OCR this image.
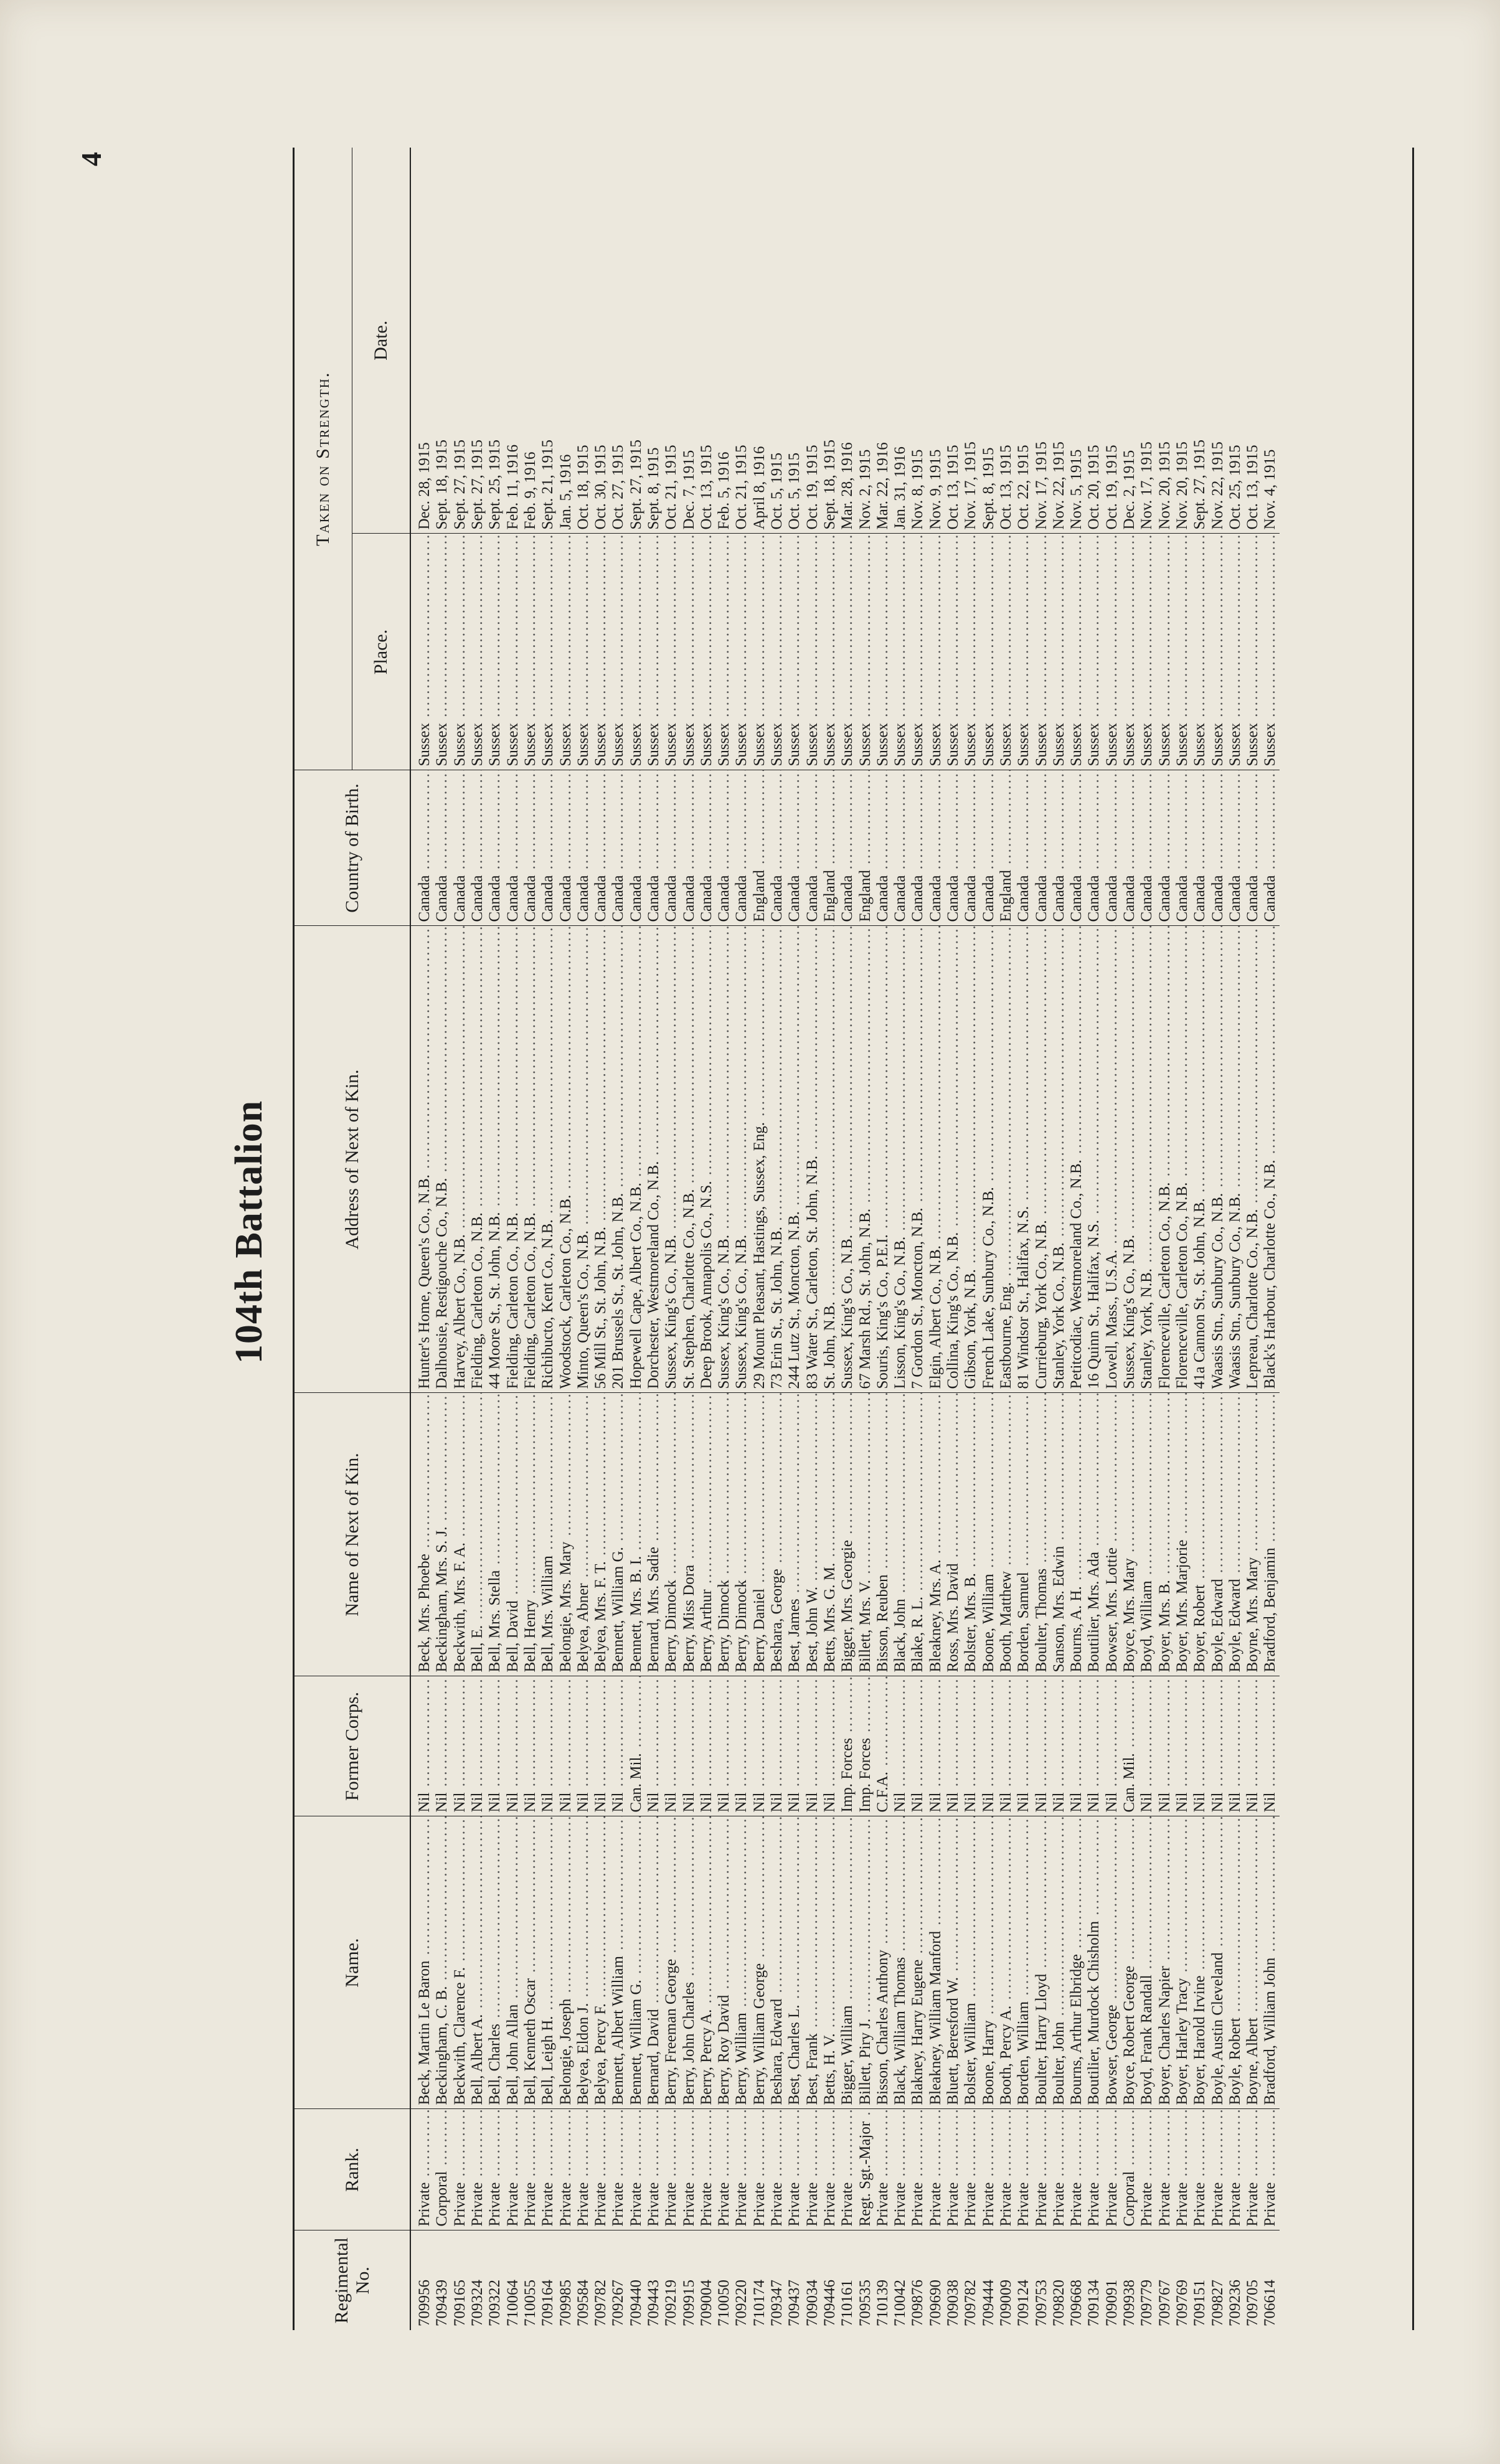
4
104th Battalion
Regimental No.	Rank.	Name.	Former Corps.	Name of Next of Kin.	Address of Next of Kin.	Country of Birth.	Taken on Strength.	
							Place.	Date.
709956	Private .....	Beck, Martin Le Baron .....	Nil .....	Beck, Mrs. Phoebe .....	Hunter's Home, Queen's Co., N.B. .....	Canada .....	Sussex .....	Dec. 28, 1915
709439	Corporal .....	Beckingham, C. B. .....	Nil .....	Beckingham, Mrs. S. J. .....	Dalhousie, Restigouche Co., N.B. .....	Canada .....	Sussex .....	Sept. 18, 1915
709165	Private .....	Beckwith, Clarence F. .....	Nil .....	Beckwith, Mrs. F. A. .....	Harvey, Albert Co., N.B. .....	Canada .....	Sussex .....	Sept. 27, 1915
709324	Private .....	Bell, Albert A. .....	Nil .....	Bell, E. .....	Fielding, Carleton Co., N.B. .....	Canada .....	Sussex .....	Sept. 27, 1915
709322	Private .....	Bell, Charles .....	Nil .....	Bell, Mrs. Stella .....	44 Moore St., St. John, N.B. .....	Canada .....	Sussex .....	Sept. 25, 1915
710064	Private .....	Bell, John Allan .....	Nil .....	Bell, David .....	Fielding, Carleton Co., N.B. .....	Canada .....	Sussex .....	Feb. 11, 1916
710055	Private .....	Bell, Kenneth Oscar .....	Nil .....	Bell, Henry .....	Fielding, Carleton Co., N.B. .....	Canada .....	Sussex .....	Feb. 9, 1916
709164	Private .....	Bell, Leigh H. .....	Nil .....	Bell, Mrs. William .....	Richibucto, Kent Co., N.B. .....	Canada .....	Sussex .....	Sept. 21, 1915
709985	Private .....	Belongie, Joseph .....	Nil .....	Belongie, Mrs. Mary .....	Woodstock, Carleton Co., N.B. .....	Canada .....	Sussex .....	Jan. 5, 1916
709584	Private .....	Belyea, Eldon J. .....	Nil .....	Belyea, Abner .....	Minto, Queen's Co., N.B. .....	Canada .....	Sussex .....	Oct. 18, 1915
709782	Private .....	Belyea, Percy F. .....	Nil .....	Belyea, Mrs. F. T. .....	56 Mill St., St. John, N.B. .....	Canada .....	Sussex .....	Oct. 30, 1915
709267	Private .....	Bennett, Albert William .....	Nil .....	Bennett, William G. .....	201 Brussels St., St. John, N.B. .....	Canada .....	Sussex .....	Oct. 27, 1915
709440	Private .....	Bennett, William G. .....	Can. Mil. .....	Bennett, Mrs. B. I. .....	Hopewell Cape, Albert Co., N.B. .....	Canada .....	Sussex .....	Sept. 27, 1915
709443	Private .....	Bernard, David .....	Nil .....	Bernard, Mrs. Sadie .....	Dorchester, Westmoreland Co., N.B. .....	Canada .....	Sussex .....	Sept. 8, 1915
709219	Private .....	Berry, Freeman George .....	Nil .....	Berry, Dimock .....	Sussex, King's Co., N.B. .....	Canada .....	Sussex .....	Oct. 21, 1915
709915	Private .....	Berry, John Charles .....	Nil .....	Berry, Miss Dora .....	St. Stephen, Charlotte Co., N.B. .....	Canada .....	Sussex .....	Dec. 7, 1915
709004	Private .....	Berry, Percy A. .....	Nil .....	Berry, Arthur .....	Deep Brook, Annapolis Co., N.S. .....	Canada .....	Sussex .....	Oct. 13, 1915
710050	Private .....	Berry, Roy David .....	Nil .....	Berry, Dimock .....	Sussex, King's Co., N.B. .....	Canada .....	Sussex .....	Feb. 5, 1916
709220	Private .....	Berry, William .....	Nil .....	Berry, Dimock .....	Sussex, King's Co., N.B. .....	Canada .....	Sussex .....	Oct. 21, 1915
710174	Private .....	Berry, William George .....	Nil .....	Berry, Daniel .....	29 Mount Pleasant, Hastings, Sussex, Eng. .....	England .....	Sussex .....	April 8, 1916
709347	Private .....	Beshara, Edward .....	Nil .....	Beshara, George .....	73 Erin St., St. John, N.B. .....	Canada .....	Sussex .....	Oct. 5, 1915
709437	Private .....	Best, Charles L. .....	Nil .....	Best, James .....	244 Lutz St., Moncton, N.B. .....	Canada .....	Sussex .....	Oct. 5, 1915
709034	Private .....	Best, Frank .....	Nil .....	Best, John W. .....	83 Water St., Carleton, St. John, N.B. .....	Canada .....	Sussex .....	Oct. 19, 1915
709446	Private .....	Betts, H. V. .....	Nil .....	Betts, Mrs. G. M. .....	St. John, N.B. .....	England .....	Sussex .....	Sept. 18, 1915
710161	Private .....	Bigger, William .....	Imp. Forces .....	Bigger, Mrs. Georgie .....	Sussex, King's Co., N.B. .....	Canada .....	Sussex .....	Mar. 28, 1916
709535	Regt. Sgt.-Major .....	Billett, Piry J. .....	Imp. Forces .....	Billett, Mrs. V. .....	67 Marsh Rd., St. John, N.B. .....	England .....	Sussex .....	Nov. 2, 1915
710139	Private .....	Bisson, Charles Anthony .....	C.F.A. .....	Bisson, Reuben .....	Souris, King's Co., P.E.I. .....	Canada .....	Sussex .....	Mar. 22, 1916
710042	Private .....	Black, William Thomas .....	Nil .....	Black, John .....	Lisson, King's Co., N.B. .....	Canada .....	Sussex .....	Jan. 31, 1916
709876	Private .....	Blakney, Harry Eugene .....	Nil .....	Blake, R. L. .....	7 Gordon St., Moncton, N.B. .....	Canada .....	Sussex .....	Nov. 8, 1915
709690	Private .....	Bleakney, William Manford .....	Nil .....	Bleakney, Mrs. A. .....	Elgin, Albert Co., N.B. .....	Canada .....	Sussex .....	Nov. 9, 1915
709038	Private .....	Bluett, Beresford W. .....	Nil .....	Ross, Mrs. David .....	Collina, King's Co., N.B. .....	Canada .....	Sussex .....	Oct. 13, 1915
709782	Private .....	Bolster, William .....	Nil .....	Bolster, Mrs. B. .....	Gibson, York, N.B. .....	Canada .....	Sussex .....	Nov. 17, 1915
709444	Private .....	Boone, Harry .....	Nil .....	Boone, William .....	French Lake, Sunbury Co., N.B. .....	Canada .....	Sussex .....	Sept. 8, 1915
709009	Private .....	Booth, Percy A. .....	Nil .....	Booth, Matthew .....	Eastbourne, Eng. .....	England .....	Sussex .....	Oct. 13, 1915
709124	Private .....	Borden, William .....	Nil .....	Borden, Samuel .....	81 Windsor St., Halifax, N.S. .....	Canada .....	Sussex .....	Oct. 22, 1915
709753	Private .....	Boulter, Harry Lloyd .....	Nil .....	Boulter, Thomas .....	Currieburg, York Co., N.B. .....	Canada .....	Sussex .....	Nov. 17, 1915
709820	Private .....	Boulter, John .....	Nil .....	Sanson, Mrs. Edwin .....	Stanley, York Co., N.B. .....	Canada .....	Sussex .....	Nov. 22, 1915
709668	Private .....	Bourns, Arthur Elbridge .....	Nil .....	Bourns, A. H. .....	Petitcodiac, Westmoreland Co., N.B. .....	Canada .....	Sussex .....	Nov. 5, 1915
709134	Private .....	Boutilier, Murdock Chisholm .....	Nil .....	Boutilier, Mrs. Ada .....	16 Quinn St., Halifax, N.S. .....	Canada .....	Sussex .....	Oct. 20, 1915
709091	Private .....	Bowser, George .....	Nil .....	Bowser, Mrs. Lottie .....	Lowell, Mass., U.S.A. .....	Canada .....	Sussex .....	Oct. 19, 1915
709938	Corporal .....	Boyce, Robert George .....	Can. Mil. .....	Boyce, Mrs. Mary .....	Sussex, King's Co., N.B. .....	Canada .....	Sussex .....	Dec. 2, 1915
709779	Private .....	Boyd, Frank Randall .....	Nil .....	Boyd, William .....	Stanley, York, N.B. .....	Canada .....	Sussex .....	Nov. 17, 1915
709767	Private .....	Boyer, Charles Napier .....	Nil .....	Boyer, Mrs. B. .....	Florenceville, Carleton Co., N.B. .....	Canada .....	Sussex .....	Nov. 20, 1915
709769	Private .....	Boyer, Harley Tracy .....	Nil .....	Boyer, Mrs. Marjorie .....	Florenceville, Carleton Co., N.B. .....	Canada .....	Sussex .....	Nov. 20, 1915
709151	Private .....	Boyer, Harold Irvine .....	Nil .....	Boyer, Robert .....	41a Cannon St., St. John, N.B. .....	Canada .....	Sussex .....	Sept. 27, 1915
709827	Private .....	Boyle, Austin Cleveland .....	Nil .....	Boyle, Edward .....	Waasis Stn., Sunbury Co., N.B. .....	Canada .....	Sussex .....	Nov. 22, 1915
709236	Private .....	Boyle, Robert .....	Nil .....	Boyle, Edward .....	Waasis Stn., Sunbury Co., N.B. .....	Canada .....	Sussex .....	Oct. 25, 1915
709705	Private .....	Boyne, Albert .....	Nil .....	Boyne, Mrs. Mary .....	Lepreau, Charlotte Co., N.B. .....	Canada .....	Sussex .....	Oct. 13, 1915
706614	Private .....	Bradford, William John .....	Nil .....	Bradford, Benjamin .....	Black's Harbour, Charlotte Co., N.B. .....	Canada .....	Sussex .....	Nov. 4, 1915
